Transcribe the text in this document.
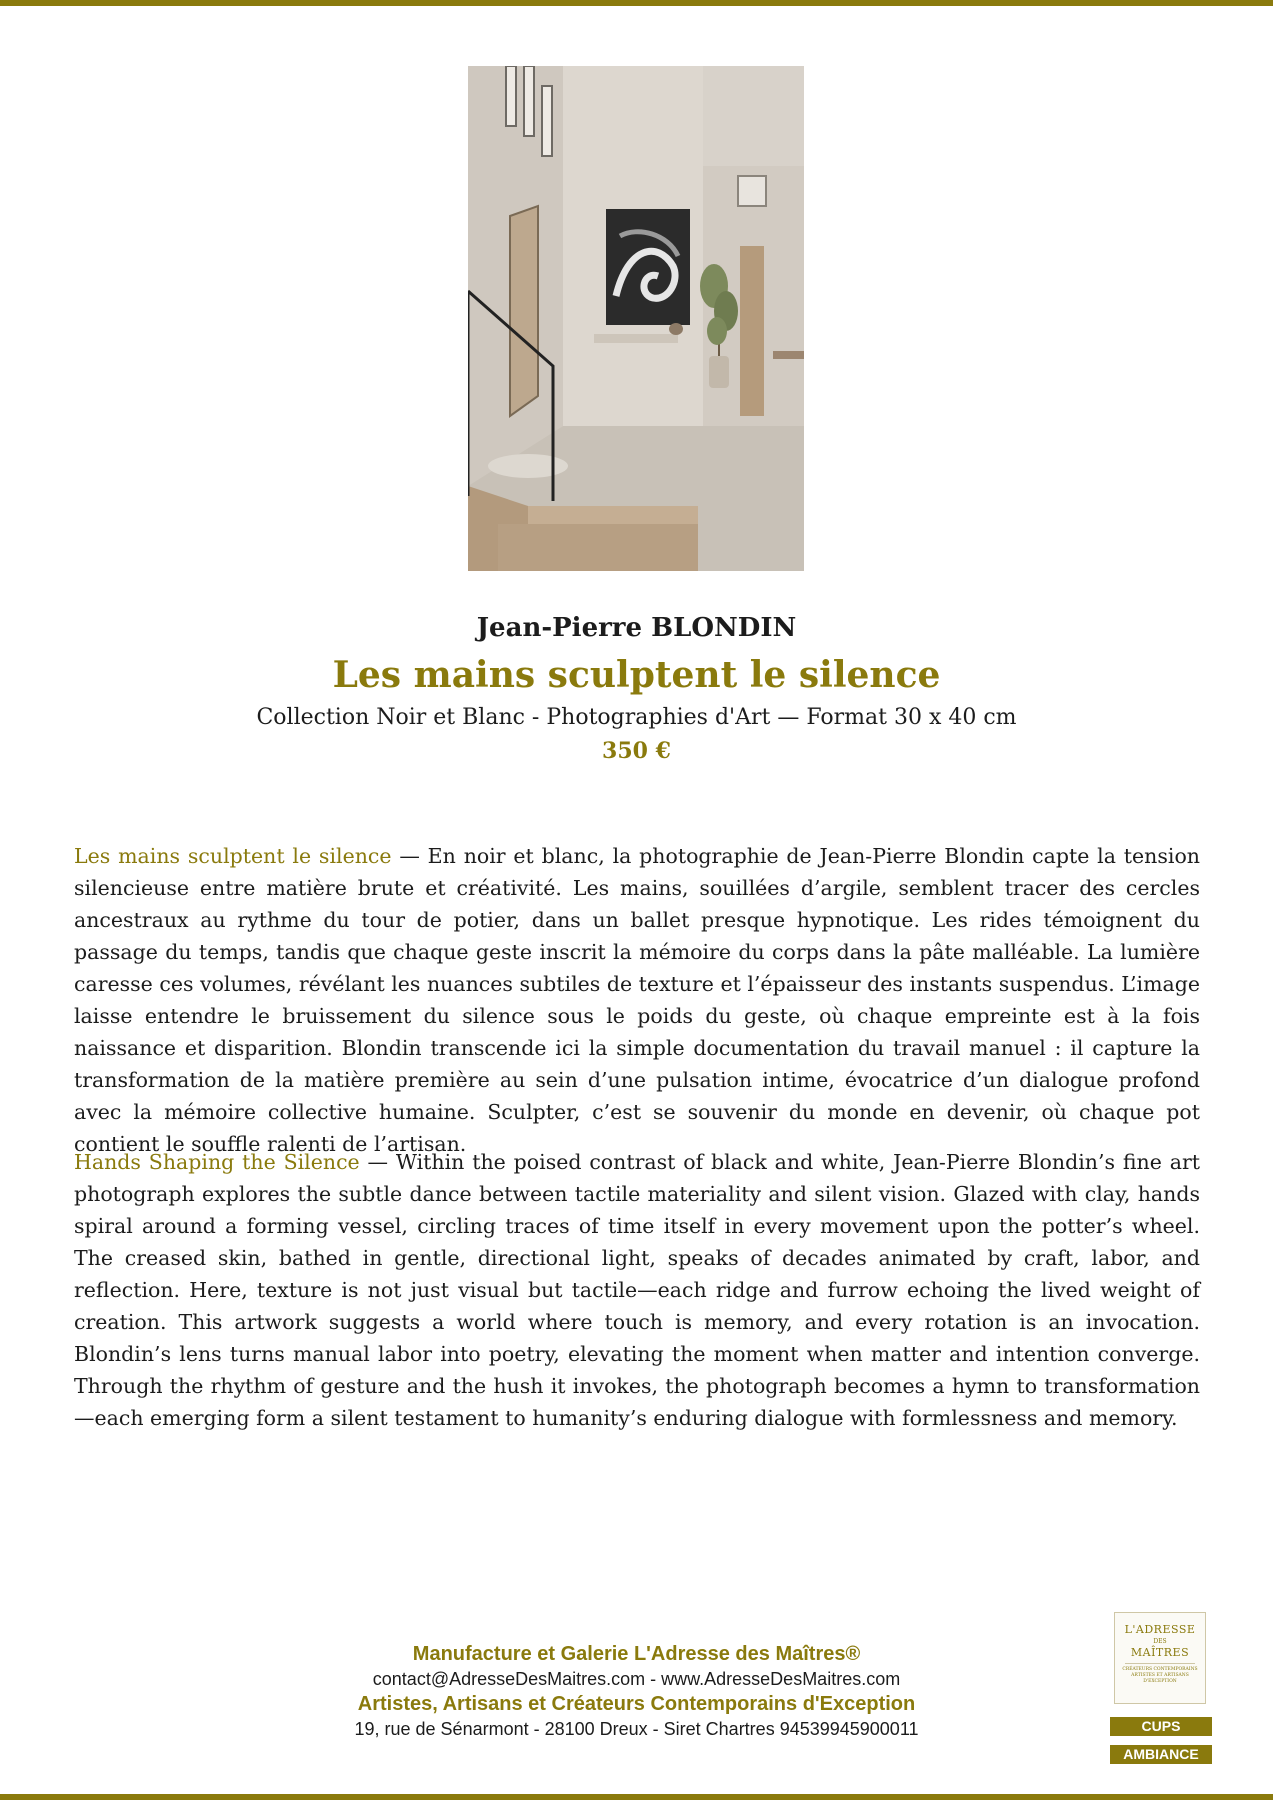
Jean-Pierre BLONDIN
Les mains sculptent le silence
Collection Noir et Blanc - Photographies d'Art — Format 30 x 40 cm
350 €

Les mains sculptent le silence — En noir et blanc, la photographie de Jean-Pierre Blondin capte la tension silencieuse entre matière brute et créativité. Les mains, souillées d’argile, semblent tracer des cercles ancestraux au rythme du tour de potier, dans un ballet presque hypnotique. Les rides témoignent du passage du temps, tandis que chaque geste inscrit la mémoire du corps dans la pâte malléable. La lumière caresse ces volumes, révélant les nuances subtiles de texture et l’épaisseur des instants suspendus. L’image laisse entendre le bruissement du silence sous le poids du geste, où chaque empreinte est à la fois naissance et disparition. Blondin transcende ici la simple documentation du travail manuel : il capture la transformation de la matière première au sein d’une pulsation intime, évocatrice d’un dialogue profond avec la mémoire collective humaine. Sculpter, c’est se souvenir du monde en devenir, où chaque pot contient le souffle ralenti de l’artisan.

Hands Shaping the Silence — Within the poised contrast of black and white, Jean-Pierre Blondin’s fine art photograph explores the subtle dance between tactile materiality and silent vision. Glazed with clay, hands spiral around a forming vessel, circling traces of time itself in every movement upon the potter’s wheel. The creased skin, bathed in gentle, directional light, speaks of decades animated by craft, labor, and reflection. Here, texture is not just visual but tactile—each ridge and furrow echoing the lived weight of creation. This artwork suggests a world where touch is memory, and every rotation is an invocation. Blondin’s lens turns manual labor into poetry, elevating the moment when matter and intention converge. Through the rhythm of gesture and the hush it invokes, the photograph becomes a hymn to transformation—each emerging form a silent testament to humanity’s enduring dialogue with formlessness and memory.

Manufacture et Galerie L'Adresse des Maîtres®
contact@AdresseDesMaitres.com - www.AdresseDesMaitres.com
Artistes, Artisans et Créateurs Contemporains d'Exception
19, rue de Sénarmont - 28100 Dreux - Siret Chartres 94539945900011
L'ADRESSE
DES
MAÎTRES
CRÉATEURS CONTEMPORAINS ARTISTES ET ARTISANS D'EXCEPTION
CUPS
AMBIANCE
